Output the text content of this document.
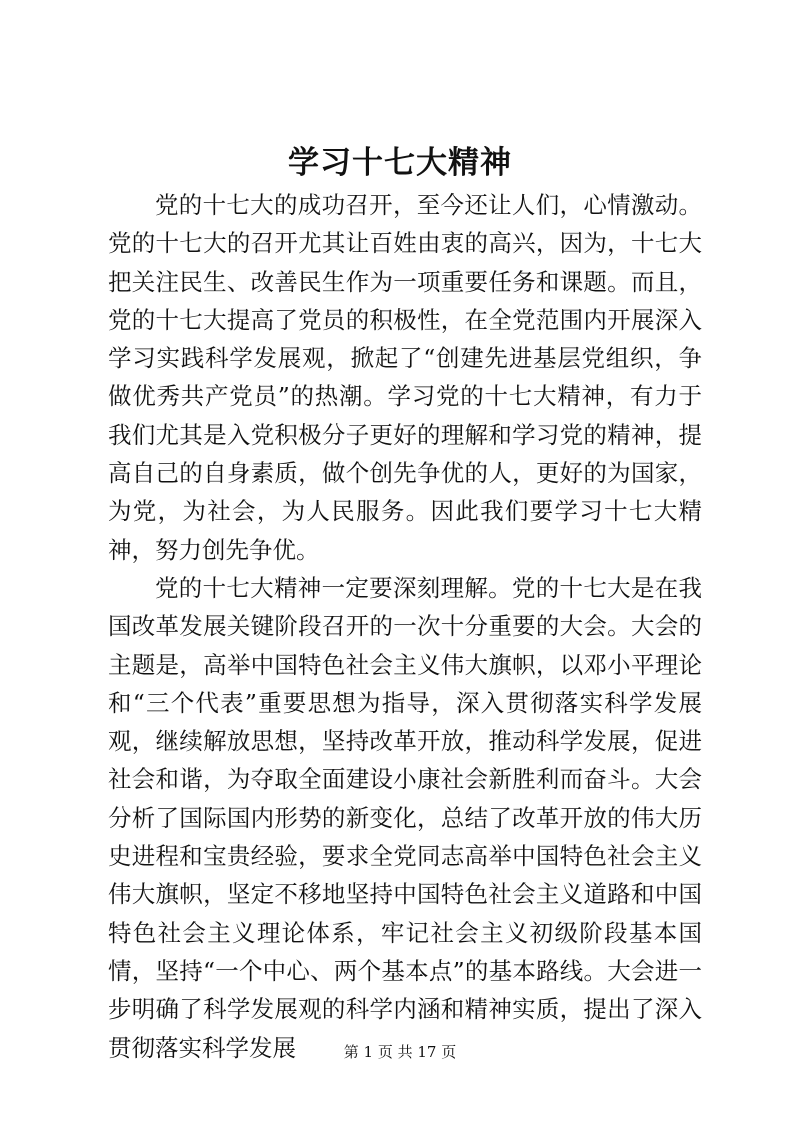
学习十七大精神

党的十七大的成功召开，至今还让人们，心情激动。党的十七大的召开尤其让百姓由衷的高兴，因为，十七大把关注民生、改善民生作为一项重要任务和课题。而且，党的十七大提高了党员的积极性，在全党范围内开展深入学习实践科学发展观，掀起了“创建先进基层党组织，争做优秀共产党员”的热潮。学习党的十七大精神，有力于我们尤其是入党积极分子更好的理解和学习党的精神，提高自己的自身素质，做个创先争优的人，更好的为国家，为党，为社会，为人民服务。因此我们要学习十七大精神，努力创先争优。

党的十七大精神一定要深刻理解。党的十七大是在我国改革发展关键阶段召开的一次十分重要的大会。大会的主题是，高举中国特色社会主义伟大旗帜，以邓小平理论和“三个代表”重要思想为指导，深入贯彻落实科学发展观，继续解放思想，坚持改革开放，推动科学发展，促进社会和谐，为夺取全面建设小康社会新胜利而奋斗。大会分析了国际国内形势的新变化，总结了改革开放的伟大历史进程和宝贵经验，要求全党同志高举中国特色社会主义伟大旗帜，坚定不移地坚持中国特色社会主义道路和中国特色社会主义理论体系，牢记社会主义初级阶段基本国情，坚持“一个中心、两个基本点”的基本路线。大会进一步明确了科学发展观的科学内涵和精神实质，提出了深入贯彻落实科学发展	第 1 页 共 17 页
